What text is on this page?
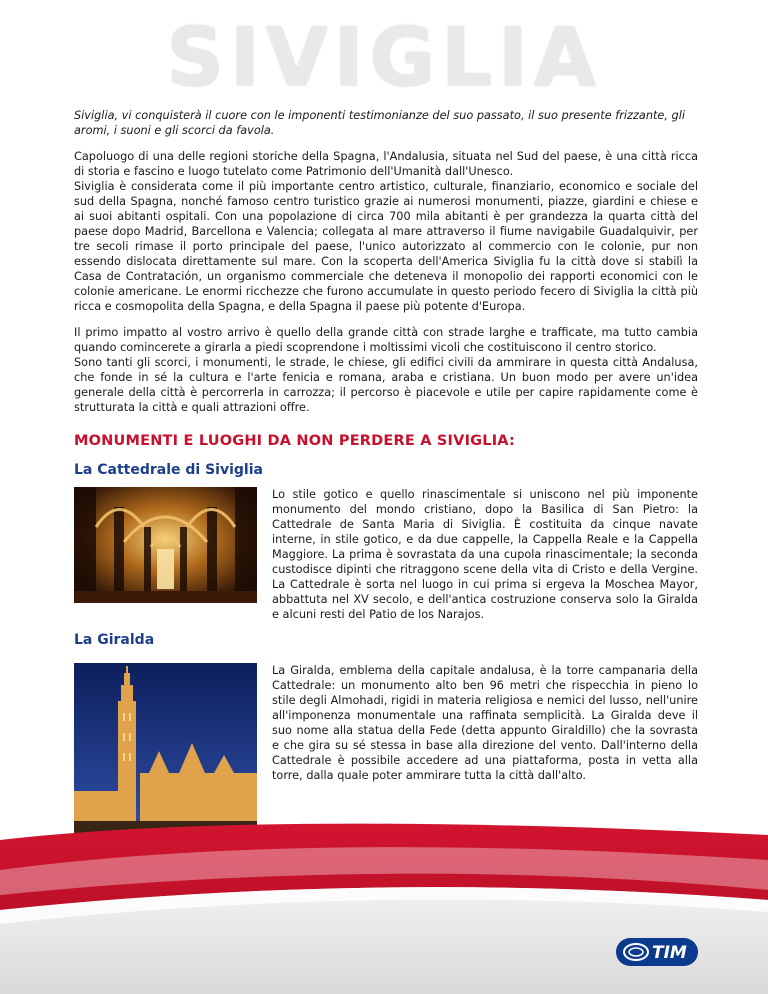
SIVIGLIA

Siviglia, vi conquisterà il cuore con le imponenti testimonianze del suo passato, il suo presente frizzante, gli aromi, i suoni e gli scorci da favola.

Capoluogo di una delle regioni storiche della Spagna, l'Andalusia, situata nel Sud del paese, è una città ricca di storia e fascino e luogo tutelato come Patrimonio dell'Umanità dall'Unesco.

Siviglia è considerata come il più importante centro artistico, culturale, finanziario, economico e sociale del sud della Spagna, nonché famoso centro turistico grazie ai numerosi monumenti, piazze, giardini e chiese e ai suoi abitanti ospitali. Con una popolazione di circa 700 mila abitanti è per grandezza la quarta città del paese dopo Madrid, Barcellona e Valencia; collegata al mare attraverso il fiume navigabile Guadalquivir, per tre secoli rimase il porto principale del paese, l'unico autorizzato al commercio con le colonie, pur non essendo dislocata direttamente sul mare. Con la scoperta dell'America Siviglia fu la città dove si stabilì la Casa de Contratación, un organismo commerciale che deteneva il monopolio dei rapporti economici con le colonie americane. Le enormi ricchezze che furono accumulate in questo periodo fecero di Siviglia la città più ricca e cosmopolita della Spagna, e della Spagna il paese più potente d'Europa.

Il primo impatto al vostro arrivo è quello della grande città con strade larghe e trafficate, ma tutto cambia quando comincerete a girarla a piedi scoprendone i moltissimi vicoli che costituiscono il centro storico.

Sono tanti gli scorci, i monumenti, le strade, le chiese, gli edifici civili da ammirare in questa città Andalusa, che fonde in sé la cultura e l'arte fenicia e romana, araba e cristiana. Un buon modo per avere un'idea generale della città è percorrerla in carrozza; il percorso è piacevole e utile per capire rapidamente come è strutturata la città e quali attrazioni offre.

MONUMENTI E LUOGHI DA NON PERDERE A SIVIGLIA:
La Cattedrale di Siviglia

Lo stile gotico e quello rinascimentale si uniscono nel più imponente monumento del mondo cristiano, dopo la Basilica di San Pietro: la Cattedrale de Santa Maria di Siviglia. È costituita da cinque navate interne, in stile gotico, e da due cappelle, la Cappella Reale e la Cappella Maggiore. La prima è sovrastata da una cupola rinascimentale; la seconda custodisce dipinti che ritraggono scene della vita di Cristo e della Vergine. La Cattedrale è sorta nel luogo in cui prima si ergeva la Moschea Mayor, abbattuta nel XV secolo, e dell'antica costruzione conserva solo la Giralda e alcuni resti del Patio de los Narajos.

La Giralda

La Giralda, emblema della capitale andalusa, è la torre campanaria della Cattedrale: un monumento alto ben 96 metri che rispecchia in pieno lo stile degli Almohadi, rigidi in materia religiosa e nemici del lusso, nell'unire all'imponenza monumentale una raffinata semplicità. La Giralda deve il suo nome alla statua della Fede (detta appunto Giraldillo) che la sovrasta e che gira su sé stessa in base alla direzione del vento. Dall'interno della Cattedrale è possibile accedere ad una piattaforma, posta in vetta alla torre, dalla quale poter ammirare tutta la città dall'alto.

TIM
